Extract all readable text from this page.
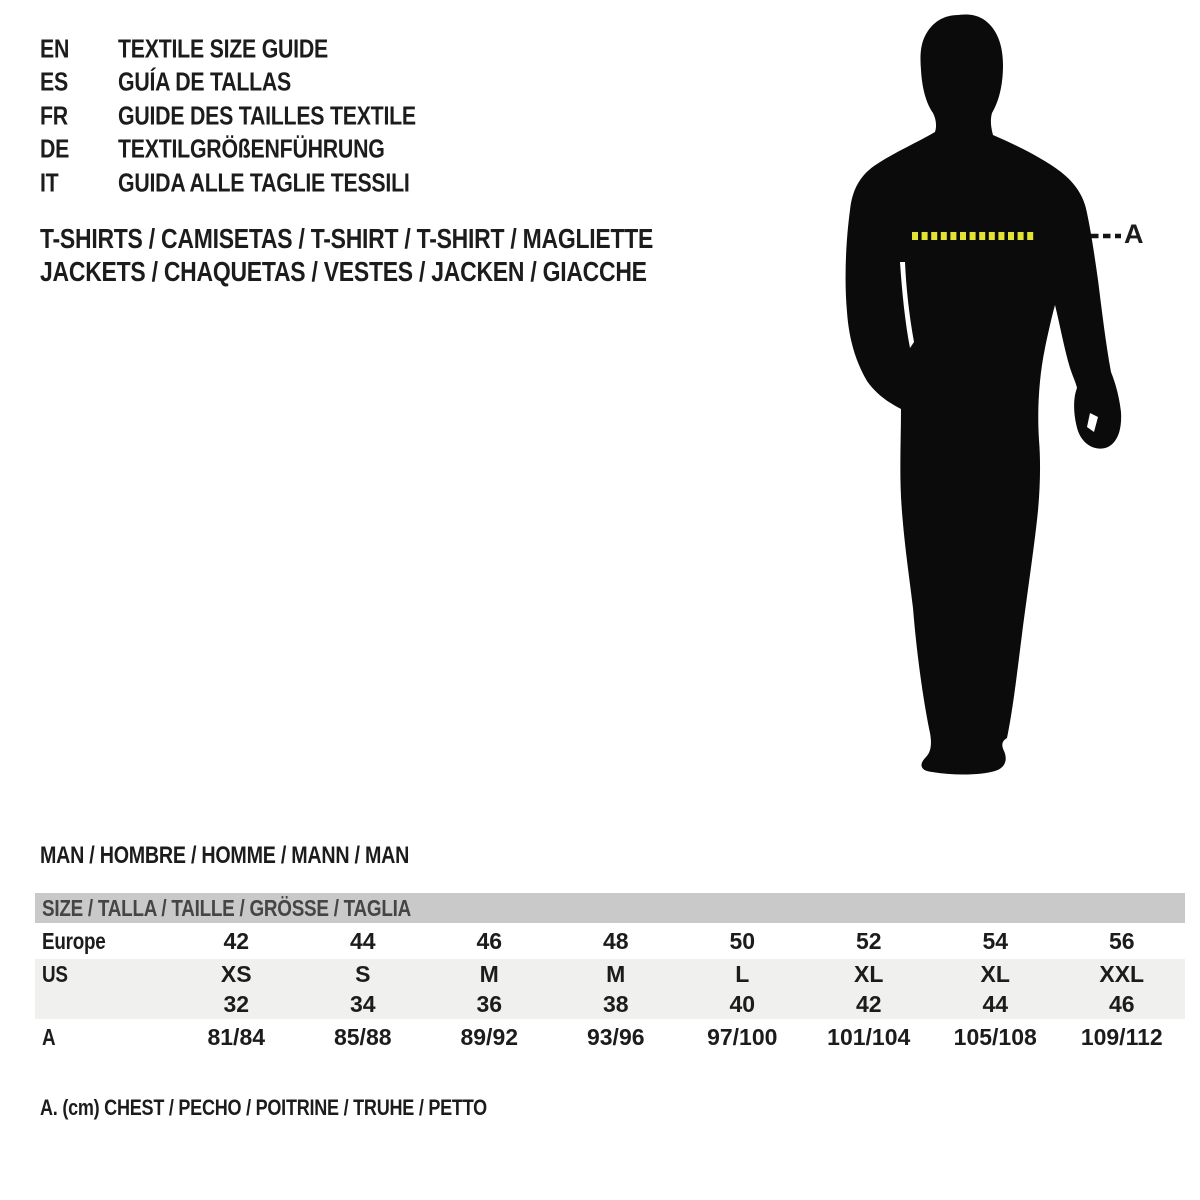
EN TEXTILE SIZE GUIDE
ES GUÍA DE TALLAS
FR GUIDE DES TAILLES TEXTILE
DE TEXTILGRÖßENFÜHRUNG
IT GUIDA ALLE TAGLIE TESSILI
T-SHIRTS / CAMISETAS / T-SHIRT / T-SHIRT / MAGLIETTE
JACKETS / CHAQUETAS / VESTES / JACKEN / GIACCHE
A
MAN / HOMBRE / HOMME / MANN / MAN
SIZE / TALLA / TAILLE / GRÖSSE / TAGLIA
Europe	42	44	46	48	50	52	54	56
US	XS	S	M	M	L	XL	XL	XXL
32	34	36	38	40	42	44	46
A	81/84	85/88	89/92	93/96	97/100	101/104	105/108	109/112
A. (cm) CHEST / PECHO / POITRINE / TRUHE / PETTO
